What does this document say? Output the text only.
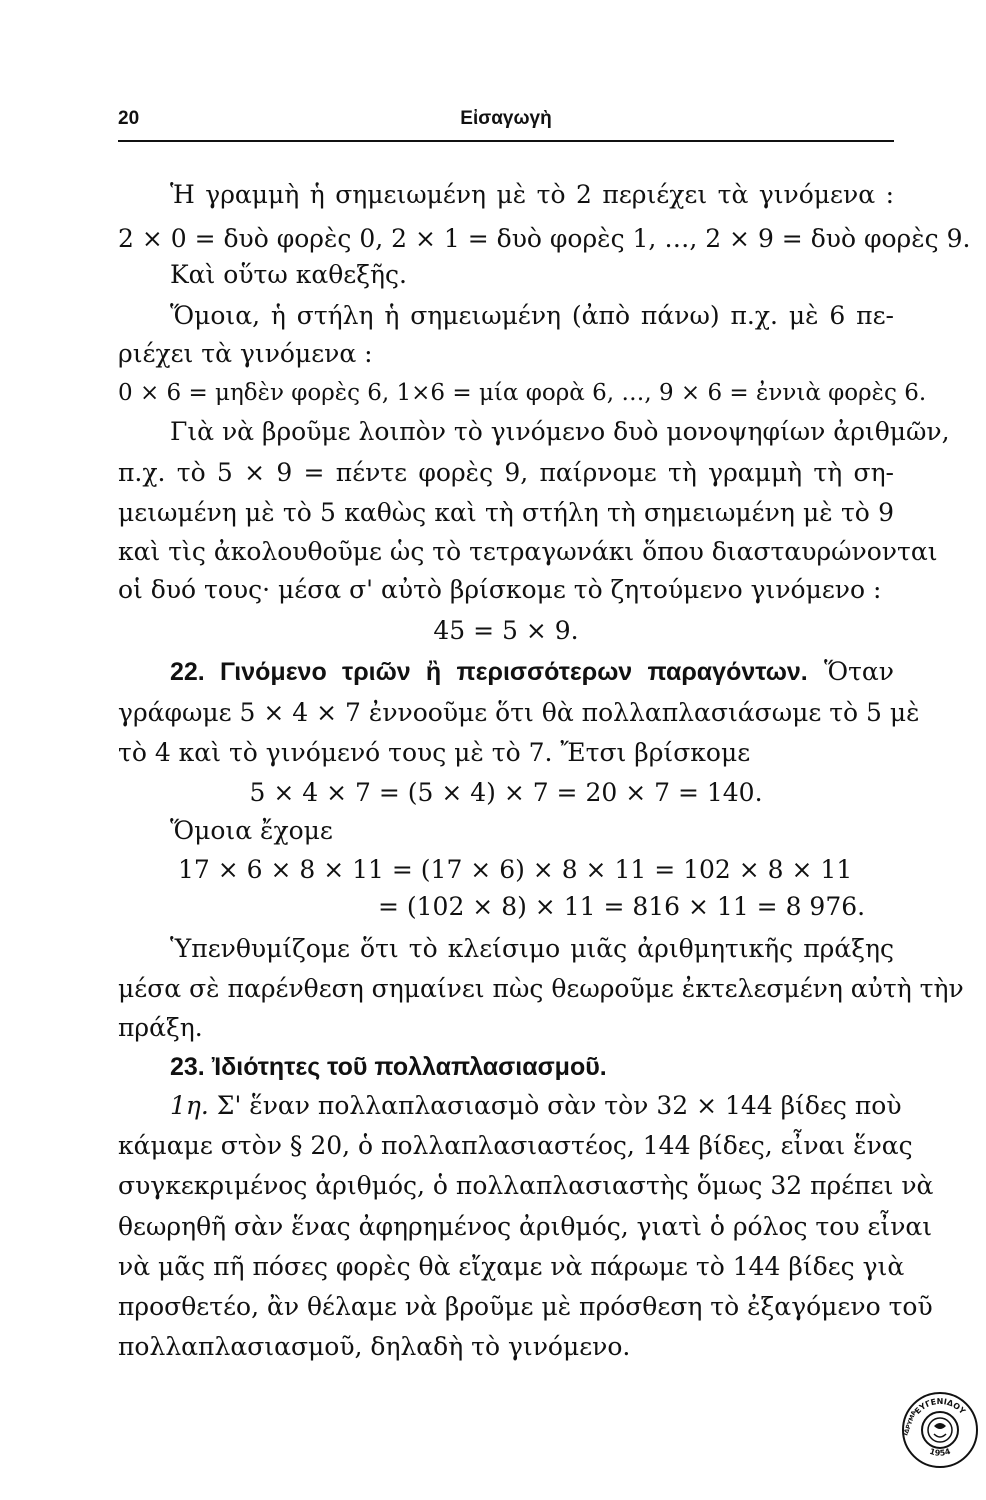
20	Εἰσαγωγὴ
Ἡ γραμμὴ ἡ σημειωμένη μὲ τὸ 2 περιέχει τὰ γινόμενα :
2 × 0 = δυὸ φορὲς 0, 2 × 1 = δυὸ φορὲς 1, …, 2 × 9 = δυὸ φορὲς 9.
Καὶ οὕτω καθεξῆς.
Ὅμοια, ἡ στήλη ἡ σημειωμένη (ἀπὸ πάνω) π.χ. μὲ 6 πε-
ριέχει τὰ γινόμενα :
0 × 6 = μηδὲν φορὲς 6, 1×6 = μία φορὰ 6, …, 9 × 6 = ἐννιὰ φορὲς 6.
Γιὰ νὰ βροῦμε λοιπὸν τὸ γινόμενο δυὸ μονοψηφίων ἀριθμῶν,
π.χ. τὸ 5 × 9 = πέντε φορὲς 9, παίρνομε τὴ γραμμὴ τὴ ση-
μειωμένη μὲ τὸ 5 καθὼς καὶ τὴ στήλη τὴ σημειωμένη μὲ τὸ 9
καὶ τὶς ἀκολουθοῦμε ὡς τὸ τετραγωνάκι ὅπου διασταυρώνονται
οἱ δυό τους· μέσα σ' αὐτὸ βρίσκομε τὸ ζητούμενο γινόμενο :
45 = 5 × 9.
22. Γινόμενο τριῶν ἢ περισσότερων παραγόντων. Ὅταν
γράφωμε 5 × 4 × 7 ἐννοοῦμε ὅτι θὰ πολλαπλασιάσωμε τὸ 5 μὲ
τὸ 4 καὶ τὸ γινόμενό τους μὲ τὸ 7. Ἔτσι βρίσκομε
5 × 4 × 7 = (5 × 4) × 7 = 20 × 7 = 140.
Ὅμοια ἔχομε
17 × 6 × 8 × 11 = (17 × 6) × 8 × 11 = 102 × 8 × 11
= (102 × 8) × 11 = 816 × 11 = 8 976.
Ὑπενθυμίζομε ὅτι τὸ κλείσιμο μιᾶς ἀριθμητικῆς πράξης
μέσα σὲ παρένθεση σημαίνει πὼς θεωροῦμε ἐκτελεσμένη αὐτὴ τὴν
πράξη.
23. Ἰδιότητες τοῦ πολλαπλασιασμοῦ.
1η. Σ' ἕναν πολλαπλασιασμὸ σὰν τὸν 32 × 144 βίδες ποὺ
κάμαμε στὸν § 20, ὁ πολλαπλασιαστέος, 144 βίδες, εἶναι ἕνας
συγκεκριμένος ἀριθμός, ὁ πολλαπλασιαστὴς ὅμως 32 πρέπει νὰ
θεωρηθῆ σὰν ἕνας ἀφηρημένος ἀριθμός, γιατὶ ὁ ρόλος του εἶναι
νὰ μᾶς πῆ πόσες φορὲς θὰ εἴχαμε νὰ πάρωμε τὸ 144 βίδες γιὰ
προσθετέο, ἂν θέλαμε νὰ βροῦμε μὲ πρόσθεση τὸ ἐξαγόμενο τοῦ
πολλαπλασιασμοῦ, δηλαδὴ τὸ γινόμενο.
ΕΥΓΕΝΙΔΟΥ
ΙΔΡΥΜΑ
1954
